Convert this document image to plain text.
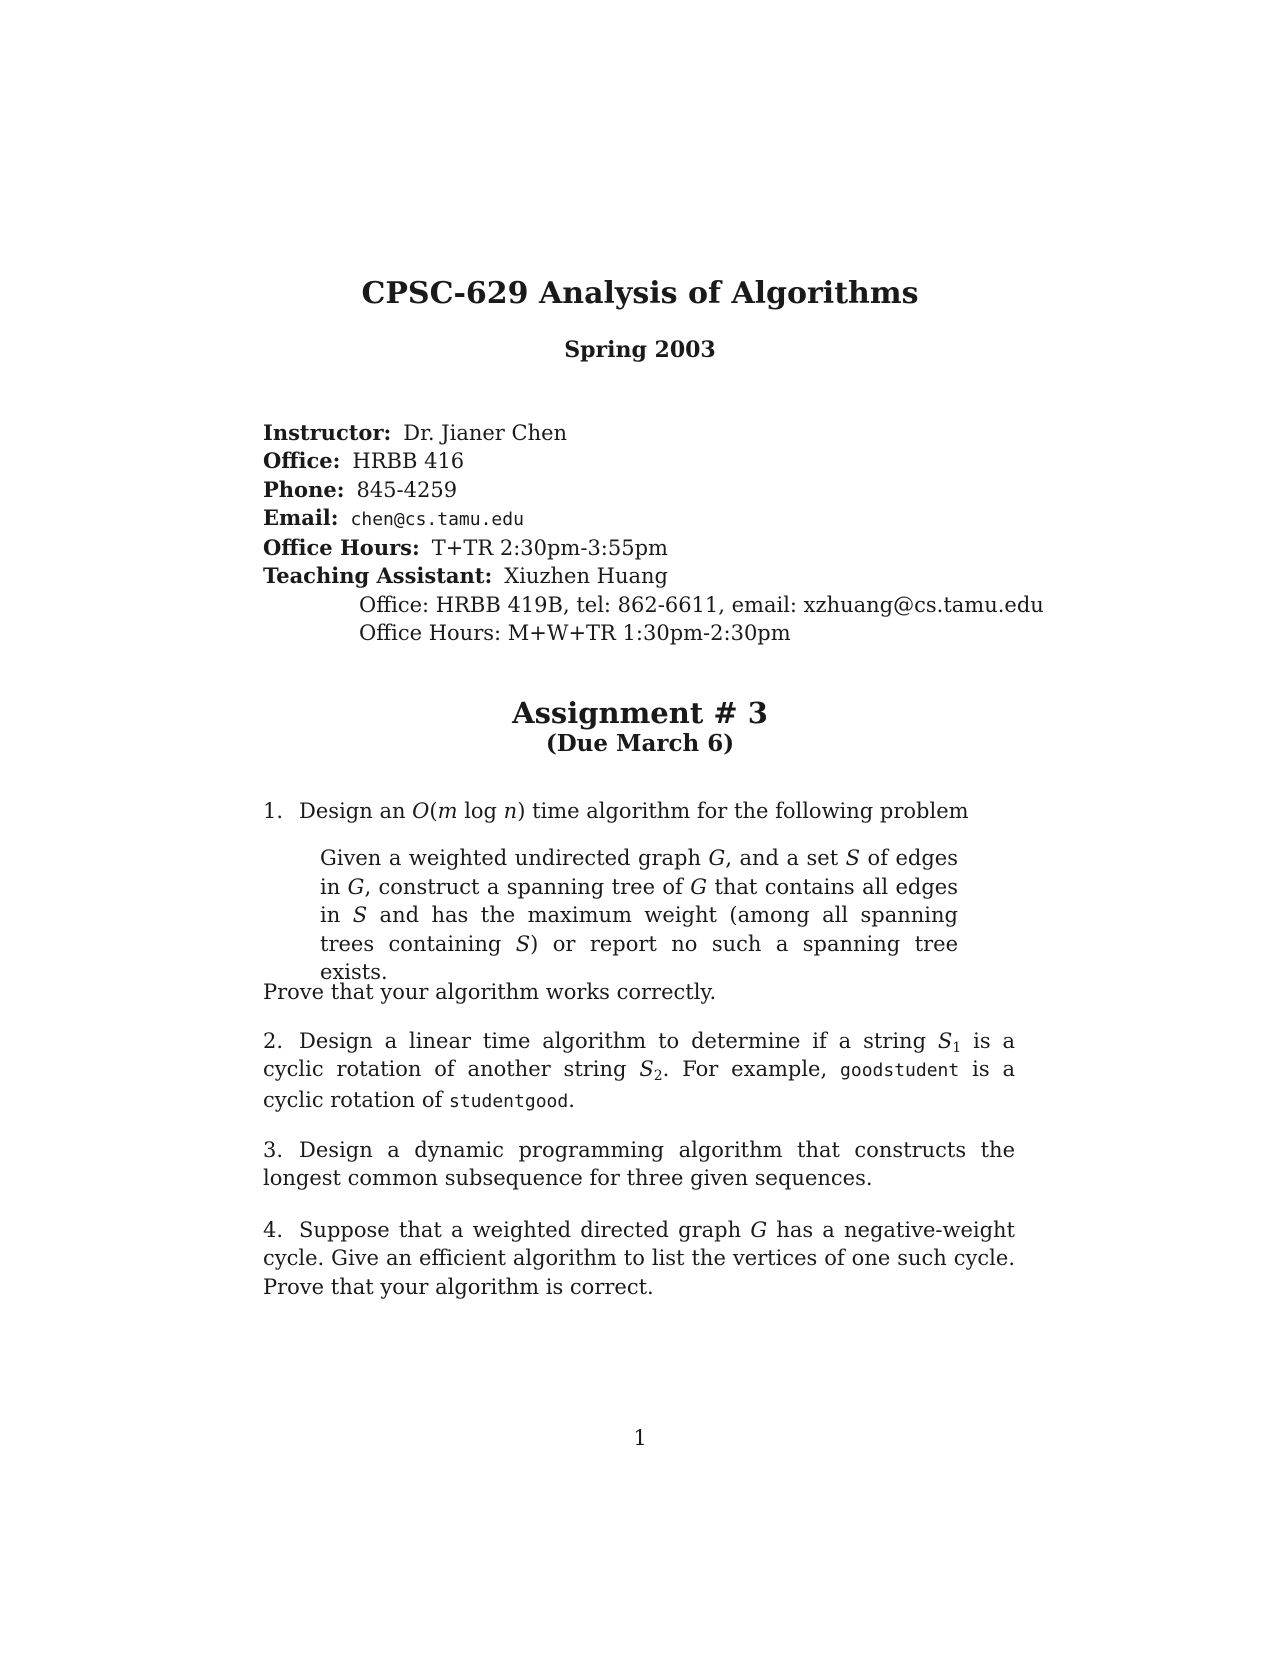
CPSC-629 Analysis of Algorithms
Spring 2003
Instructor: Dr. Jianer Chen
Office: HRBB 416
Phone: 845-4259
Email: chen@cs.tamu.edu
Office Hours: T+TR 2:30pm-3:55pm
Teaching Assistant: Xiuzhen Huang
Office: HRBB 419B, tel: 862-6611, email: xzhuang@cs.tamu.edu
Office Hours: M+W+TR 1:30pm-2:30pm
Assignment # 3
(Due March 6)
1. Design an O(m log n) time algorithm for the following problem
Given a weighted undirected graph G, and a set S of edges in G, construct a spanning tree of G that contains all edges in S and has the maximum weight (among all spanning trees containing S) or report no such a spanning tree exists.
Prove that your algorithm works correctly.
2. Design a linear time algorithm to determine if a string $S_1$ is a cyclic rotation of another string $S_2$. For example, goodstudent is a cyclic rotation of studentgood.
3. Design a dynamic programming algorithm that constructs the longest common subsequence for three given sequences.
4. Suppose that a weighted directed graph G has a negative-weight cycle. Give an efficient algorithm to list the vertices of one such cycle. Prove that your algorithm is correct.
1
